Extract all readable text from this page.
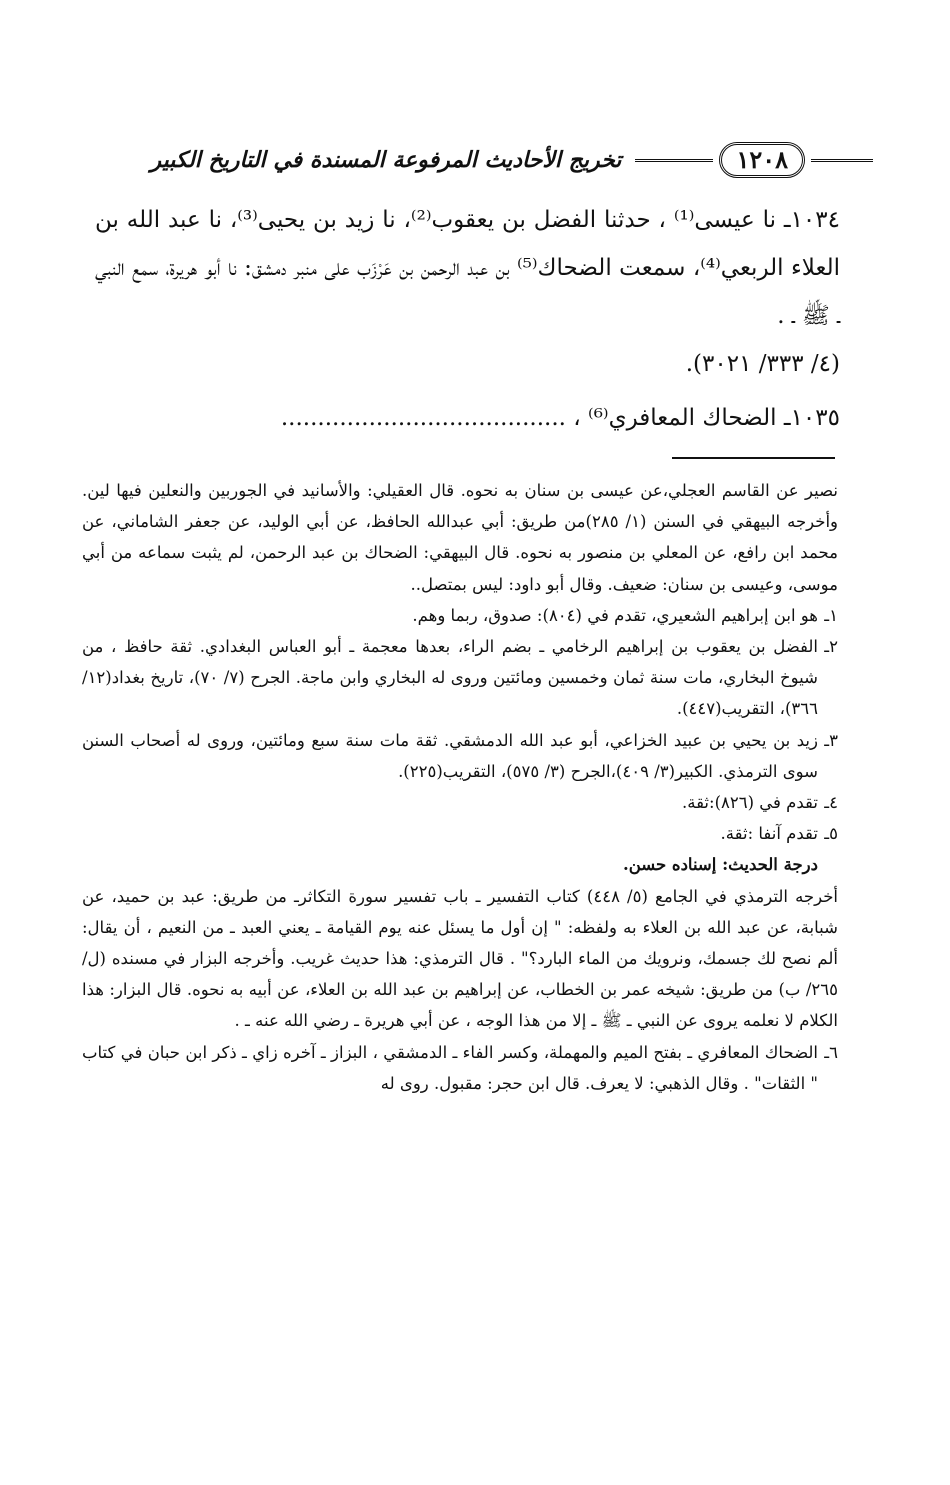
١٢٠٨
تخريج الأحاديث المرفوعة المسندة في التاريخ الكبير

١٠٣٤ـ نا عيسى⁽¹⁾ ، حدثنا الفضل بن يعقوب⁽²⁾، نا زيد بن يحيى⁽³⁾، نا عبد الله بن العلاء الربعي⁽⁴⁾، سمعت الضحاك⁽⁵⁾ بن عبد الرحمن بن عَرْزَب على منبر دمشق: نا أبو هريرة، سمع النبي ـ ﷺ ـ .

(٤/ ٣٣٣/ ٣٠٢١).

١٠٣٥ـ الضحاك المعافري⁽⁶⁾ ، .......................................

نصير عن القاسم العجلي،عن عيسى بن سنان به نحوه. قال العقيلي: والأسانيد في الجوربين والنعلين فيها لين. وأخرجه البيهقي في السنن (١/ ٢٨٥)من طريق: أبي عبدالله الحافظ، عن أبي الوليد، عن جعفر الشاماني، عن محمد ابن رافع، عن المعلي بن منصور به نحوه. قال البيهقي: الضحاك بن عبد الرحمن، لم يثبت سماعه من أبي موسى، وعيسى بن سنان: ضعيف. وقال أبو داود: ليس بمتصل..

١ـ
هو ابن إبراهيم الشعيري، تقدم في (٨٠٤): صدوق، ربما وهم.
٢ـ
الفضل بن يعقوب بن إبراهيم الرخامي ـ بضم الراء، بعدها معجمة ـ أبو العباس البغدادي. ثقة حافظ ، من شيوخ البخاري، مات سنة ثمان وخمسين ومائتين وروى له البخاري وابن ماجة. الجرح (٧/ ٧٠)، تاريخ بغداد(١٢/ ٣٦٦)، التقريب(٤٤٧).
٣ـ
زيد بن يحيي بن عبيد الخزاعي، أبو عبد الله الدمشقي. ثقة مات سنة سبع ومائتين، وروى له أصحاب السنن سوى الترمذي. الكبير(٣/ ٤٠٩)،الجرح (٣/ ٥٧٥)، التقريب(٢٢٥).
٤ـ
تقدم في (٨٢٦):ثقة.
٥ـ
تقدم آنفا :ثقة.

درجة الحديث: إسناده حسن.

أخرجه الترمذي في الجامع (٥/ ٤٤٨) كتاب التفسير ـ باب تفسير سورة التكاثرـ من طريق: عبد بن حميد، عن شبابة، عن عبد الله بن العلاء به ولفظه: " إن أول ما يسئل عنه يوم القيامة ـ يعني العبد ـ من النعيم ، أن يقال: ألم نصح لك جسمك، ونرويك من الماء البارد؟" . قال الترمذي: هذا حديث غريب. وأخرجه البزار في مسنده (ل/ ٢٦٥/ ب) من طريق: شيخه عمر بن الخطاب، عن إبراهيم بن عبد الله بن العلاء، عن أبيه به نحوه. قال البزار: هذا الكلام لا نعلمه يروى عن النبي ـ ﷺ ـ إلا من هذا الوجه ، عن أبي هريرة ـ رضي الله عنه ـ .

٦ـ
الضحاك المعافري ـ بفتح الميم والمهملة، وكسر الفاء ـ الدمشقي ، البزاز ـ آخره زاي ـ ذكر ابن حبان في كتاب " الثقات" . وقال الذهبي: لا يعرف. قال ابن حجر: مقبول. روى له
